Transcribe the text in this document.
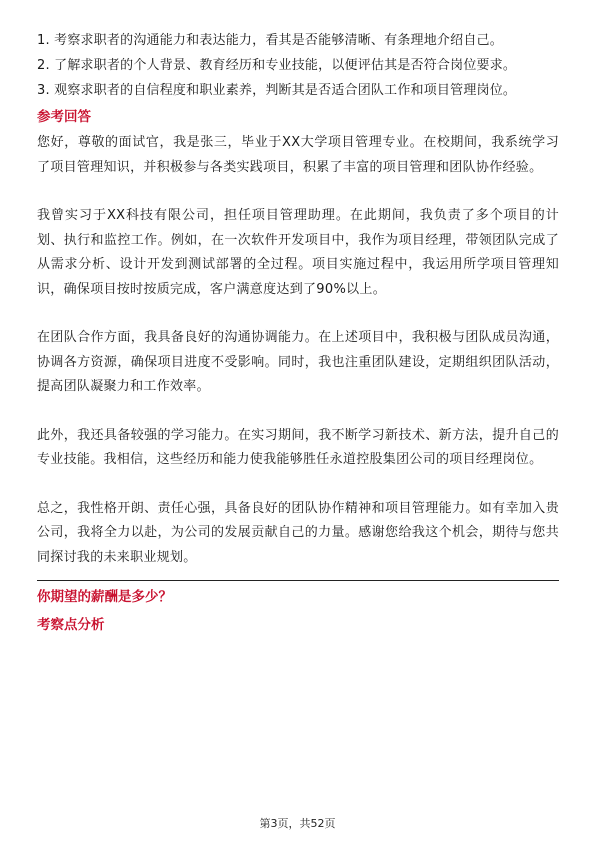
1. 考察求职者的沟通能力和表达能力，看其是否能够清晰、有条理地介绍自己。
2. 了解求职者的个人背景、教育经历和专业技能，以便评估其是否符合岗位要求。
3. 观察求职者的自信程度和职业素养，判断其是否适合团队工作和项目管理岗位。
参考回答

您好，尊敬的面试官，我是张三，毕业于XX大学项目管理专业。在校期间，我系统学习了项目管理知识，并积极参与各类实践项目，积累了丰富的项目管理和团队协作经验。

我曾实习于XX科技有限公司，担任项目管理助理。在此期间，我负责了多个项目的计划、执行和监控工作。例如，在一次软件开发项目中，我作为项目经理，带领团队完成了从需求分析、设计开发到测试部署的全过程。项目实施过程中，我运用所学项目管理知识，确保项目按时按质完成，客户满意度达到了90%以上。

在团队合作方面，我具备良好的沟通协调能力。在上述项目中，我积极与团队成员沟通，协调各方资源，确保项目进度不受影响。同时，我也注重团队建设，定期组织团队活动，提高团队凝聚力和工作效率。

此外，我还具备较强的学习能力。在实习期间，我不断学习新技术、新方法，提升自己的专业技能。我相信，这些经历和能力使我能够胜任永道控股集团公司的项目经理岗位。

总之，我性格开朗、责任心强，具备良好的团队协作精神和项目管理能力。如有幸加入贵公司，我将全力以赴，为公司的发展贡献自己的力量。感谢您给我这个机会，期待与您共同探讨我的未来职业规划。

你期望的薪酬是多少？
考察点分析
第3页，共52页
